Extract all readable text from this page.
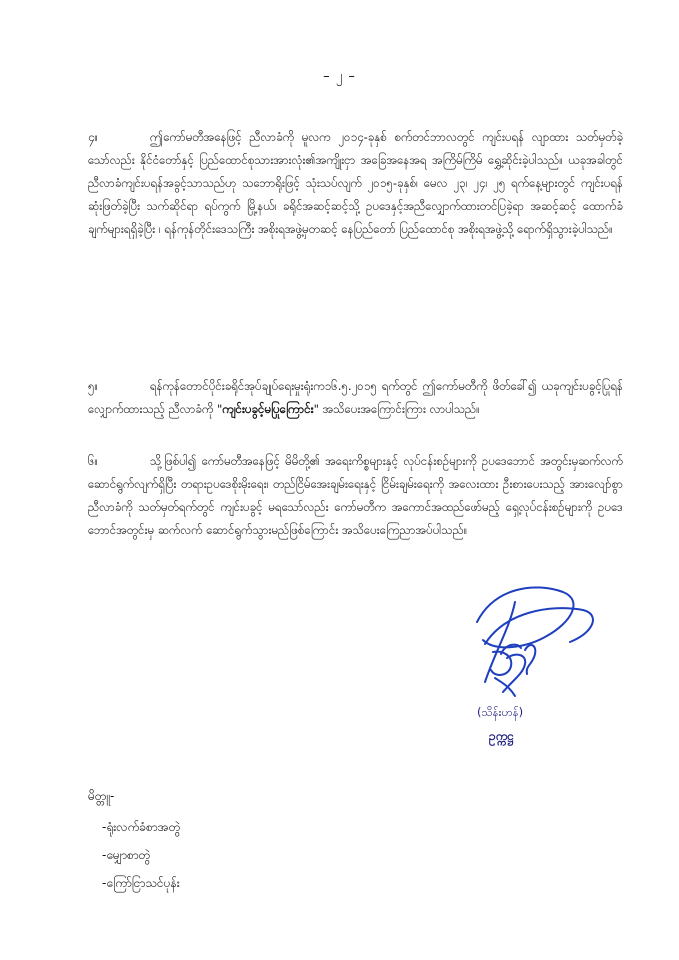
– ၂ –
၄။	ဤကော်မတီအနေဖြင့် ညီလာခံကို မူလက ၂၀၁၄-ခုနှစ် စက်တင်ဘာလတွင် ကျင်းပရန် လျာထား သတ်မှတ်ခဲ့သော်လည်း နိုင်ငံတော်နှင့် ပြည်ထောင်စုသားအားလုံး၏အကျိုးငှာ အခြေအနေအရ အကြိမ်ကြိမ် ရွှေ့ဆိုင်းခဲ့ပါသည်။ ယခုအခါတွင် ညီလာခံကျင်းပရန်အခွင့်သာသည်ဟု သဘောရိုးဖြင့် သုံးသပ်လျက် ၂၀၁၅-ခုနှစ်၊ မေလ ၂၃၊ ၂၄၊ ၂၅ ရက်နေ့များတွင် ကျင်းပရန်ဆုံးဖြတ်ခဲ့ပြီး သက်ဆိုင်ရာ ရပ်ကွက် မြို့နယ်၊ ခရိုင်အဆင့်ဆင့်သို့ ဥပဒေနှင့်အညီလျှောက်ထားတင်ပြခဲ့ရာ အဆင့်ဆင့် ထောက်ခံချက်များရရှိခဲ့ပြီး ၊ ရန်ကုန်တိုင်းဒေသကြီး အစိုးရအဖွဲ့မှတဆင့် နေပြည်တော် ပြည်ထောင်စု အစိုးရအဖွဲ့သို့ ရောက်ရှိသွားခဲ့ပါသည်။
၅။	ရန်ကုန်တောင်ပိုင်းခရိုင်အုပ်ချုပ်ရေးမှုးရုံးက၁၆.၅.၂၀၁၅ ရက်တွင် ဤကော်မတီကို ဖိတ်ခေါ်၍ ယခုကျင်းပခွင့်ပြုရန် လျှောက်ထားသည့် ညီလာခံကို "ကျင်းပခွင့်မပြုကြောင်း" အသိပေးအကြောင်းကြား လာပါသည်။
၆။	သို့ဖြစ်ပါ၍ ကော်မတီအနေဖြင့် မိမိတို့၏ အရေးကိစ္စများနှင့် လုပ်ငန်းစဉ်များကို ဥပဒေဘောင် အတွင်းမှဆက်လက်ဆောင်ရွက်လျက်ရှိပြီး တရားဥပဒေစိုးမိုးရေး၊ တည်ငြိမ်အေးချမ်းရေးနှင့် ငြိမ်းချမ်းရေးကို အလေးထား ဦးစားပေးသည့် အားလျော်စွာ ညီလာခံကို သတ်မှတ်ရက်တွင် ကျင်းပခွင့် မရသော်လည်း ကော်မတီက အကောင်အထည်ဖော်မည့် ရှေ့လုပ်ငန်းစဉ်များကို ဥပဒေဘောင်အတွင်းမှ ဆက်လက် ဆောင်ရွက်သွားမည်ဖြစ်ကြောင်း အသိပေးကြေညာအပ်ပါသည်။
(သိန်းဟန်)
ဥက္ကဋ္ဌ
မိတ္တူ-
-ရုံးလက်ခံစာအတွဲ
-မျှောစာတွဲ
-ကြော်ငြာသင်ပုန်း
